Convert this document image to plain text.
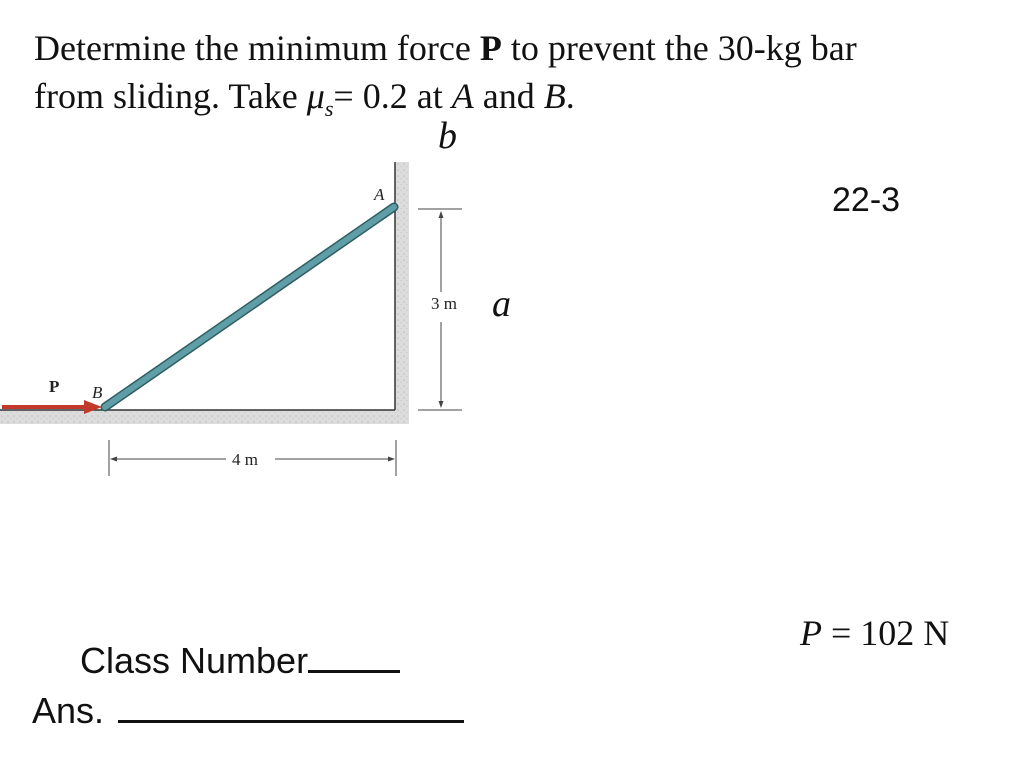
Determine the minimum force P to prevent the 30-kg bar
from sliding. Take $\mu_s= 0.2$ at A and B.
b
a
22-3
P B
A
3 m
4 m
P = 102 N
Class Number
Ans.
